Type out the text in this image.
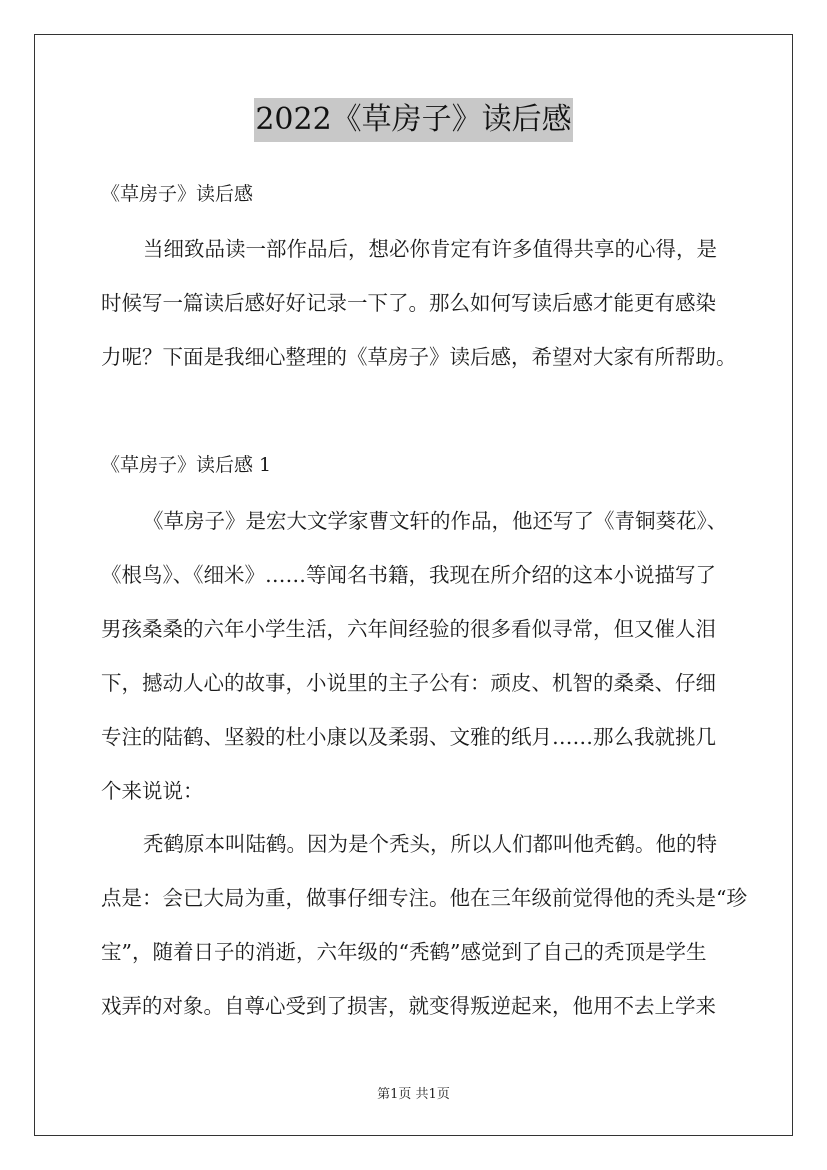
2022《草房子》读后感
《草房子》读后感
当细致品读一部作品后，想必你肯定有许多值得共享的心得，是
时候写一篇读后感好好记录一下了。那么如何写读后感才能更有感染
力呢？下面是我细心整理的《草房子》读后感，希望对大家有所帮助。
《草房子》读后感 1
《草房子》是宏大文学家曹文轩的作品，他还写了《青铜葵花》、
《根鸟》、《细米》……等闻名书籍，我现在所介绍的这本小说描写了
男孩桑桑的六年小学生活，六年间经验的很多看似寻常，但又催人泪
下，撼动人心的故事，小说里的主子公有：顽皮、机智的桑桑、仔细
专注的陆鹤、坚毅的杜小康以及柔弱、文雅的纸月……那么我就挑几
个来说说：
秃鹤原本叫陆鹤。因为是个秃头，所以人们都叫他秃鹤。他的特
点是：会已大局为重，做事仔细专注。他在三年级前觉得他的秃头是“珍
宝”，随着日子的消逝，六年级的“秃鹤”感觉到了自己的秃顶是学生
戏弄的对象。自尊心受到了损害，就变得叛逆起来，他用不去上学来
第1页 共1页
